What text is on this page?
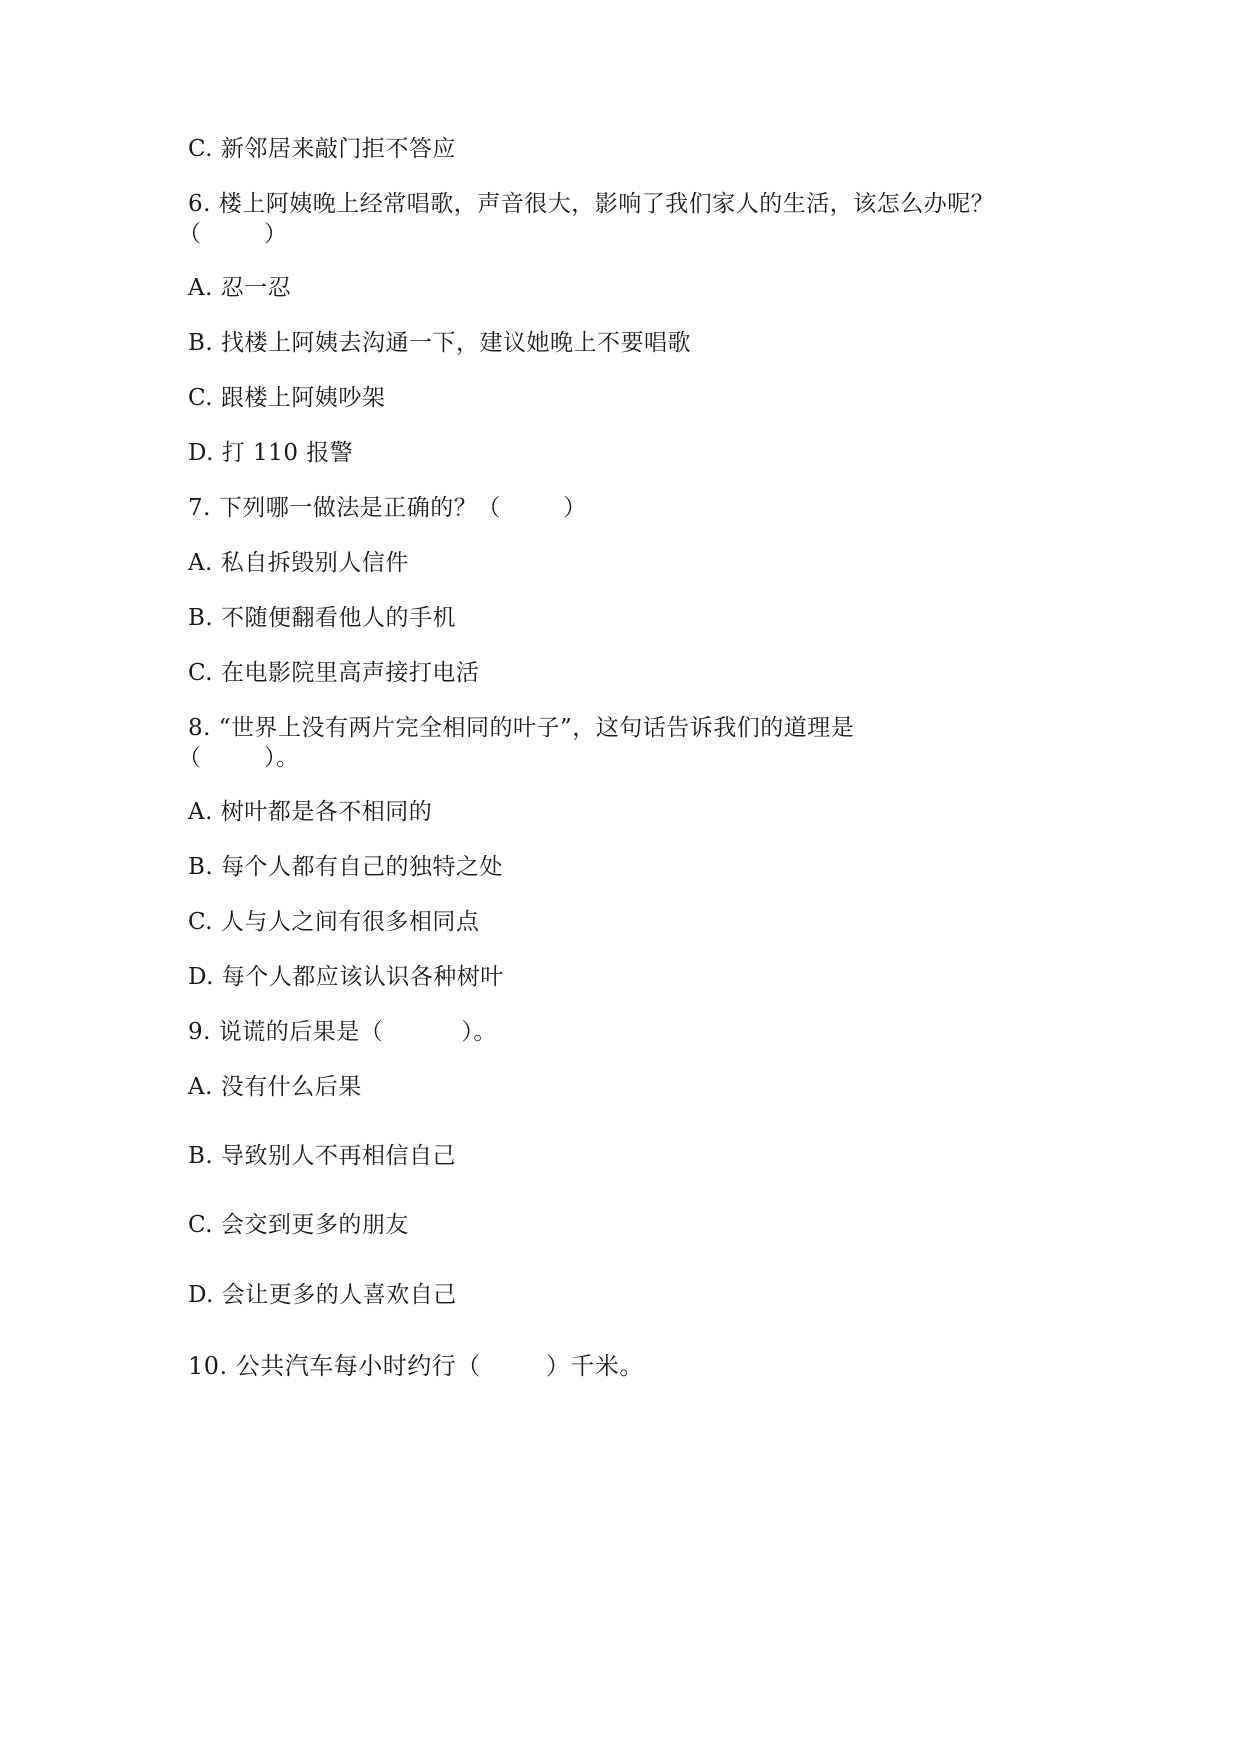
C. 新邻居来敲门拒不答应
6. 楼上阿姨晚上经常唱歌，声音很大，影响了我们家人的生活，该怎么办呢？
（        ）
A. 忍一忍
B. 找楼上阿姨去沟通一下，建议她晚上不要唱歌
C. 跟楼上阿姨吵架
D. 打 110 报警
7. 下列哪一做法是正确的？（        ）
A. 私自拆毁别人信件
B. 不随便翻看他人的手机
C. 在电影院里高声接打电活
8. “世界上没有两片完全相同的叶子”，这句话告诉我们的道理是
（        ）。
A. 树叶都是各不相同的
B. 每个人都有自己的独特之处
C. 人与人之间有很多相同点
D. 每个人都应该认识各种树叶
9. 说谎的后果是（          ）。
A. 没有什么后果
B. 导致别人不再相信自己
C. 会交到更多的朋友
D. 会让更多的人喜欢自己
10. 公共汽车每小时约行（        ）千米。
